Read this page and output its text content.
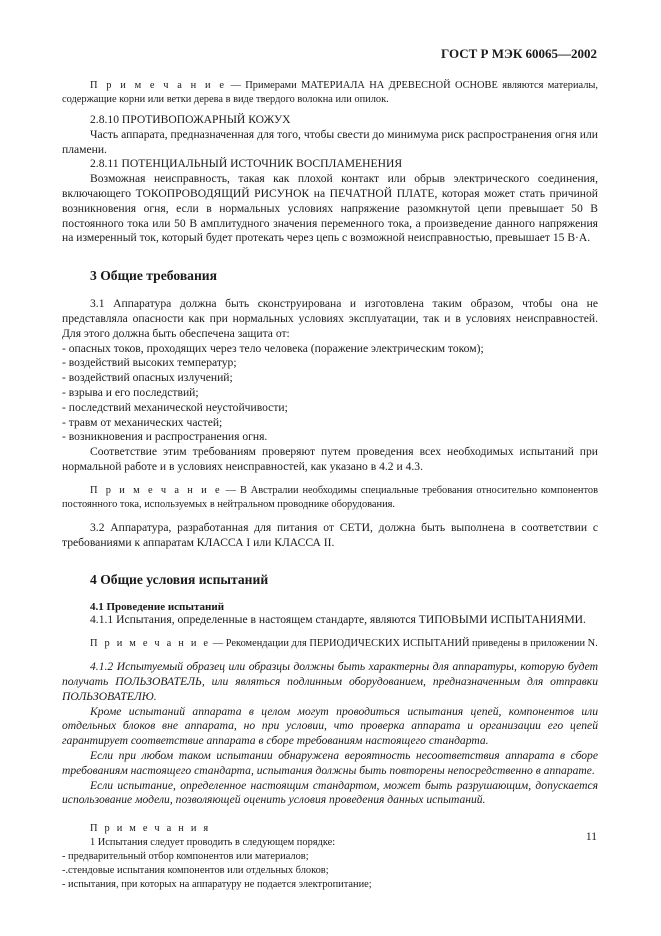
ГОСТ Р МЭК 60065—2002

П р и м е ч а н и е — Примерами МАТЕРИАЛА НА ДРЕВЕСНОЙ ОСНОВЕ являются материалы, содержащие корни или ветки дерева в виде твердого волокна или опилок.

2.8.10 ПРОТИВОПОЖАРНЫЙ КОЖУХ

Часть аппарата, предназначенная для того, чтобы свести до минимума риск распространения огня или пламени.

2.8.11 ПОТЕНЦИАЛЬНЫЙ ИСТОЧНИК ВОСПЛАМЕНЕНИЯ

Возможная неисправность, такая как плохой контакт или обрыв электрического соединения, включающего ТОКОПРОВОДЯЩИЙ РИСУНОК на ПЕЧАТНОЙ ПЛАТЕ, которая может стать причиной возникновения огня, если в нормальных условиях напряжение разомкнутой цепи превышает 50 В постоянного тока или 50 В амплитудного значения переменного тока, а произведение данного напряжения на измеренный ток, который будет протекать через цепь с возможной неисправностью, превышает 15 В·А.

3 Общие требования

3.1 Аппаратура должна быть сконструирована и изготовлена таким образом, чтобы она не представляла опасности как при нормальных условиях эксплуатации, так и в условиях неисправностей. Для этого должна быть обеспечена защита от:

- опасных токов, проходящих через тело человека (поражение электрическим током);

- воздействий высоких температур;

- воздействий опасных излучений;

- взрыва и его последствий;

- последствий механической неустойчивости;

- травм от механических частей;

- возникновения и распространения огня.

Соответствие этим требованиям проверяют путем проведения всех необходимых испытаний при нормальной работе и в условиях неисправностей, как указано в 4.2 и 4.3.

П р и м е ч а н и е — В Австралии необходимы специальные требования относительно компонентов постоянного тока, используемых в нейтральном проводнике оборудования.

3.2 Аппаратура, разработанная для питания от СЕТИ, должна быть выполнена в соответствии с требованиями к аппаратам КЛАССА I или КЛАССА II.

4 Общие условия испытаний
4.1 Проведение испытаний

4.1.1 Испытания, определенные в настоящем стандарте, являются ТИПОВЫМИ ИСПЫТАНИЯМИ.

П р и м е ч а н и е — Рекомендации для ПЕРИОДИЧЕСКИХ ИСПЫТАНИЙ приведены в приложении N.

4.1.2 Испытуемый образец или образцы должны быть характерны для аппаратуры, которую будет получать ПОЛЬЗОВАТЕЛЬ, или являться подлинным оборудованием, предназначенным для отправки ПОЛЬЗОВАТЕЛЮ.

Кроме испытаний аппарата в целом могут проводиться испытания цепей, компонентов или отдельных блоков вне аппарата, но при условии, что проверка аппарата и организации его цепей гарантирует соответствие аппарата в сборе требованиям настоящего стандарта.

Если при любом таком испытании обнаружена вероятность несоответствия аппарата в сборе требованиям настоящего стандарта, испытания должны быть повторены непосредственно в аппарате.

Если испытание, определенное настоящим стандартом, может быть разрушающим, допускается использование модели, позволяющей оценить условия проведения данных испытаний.

П р и м е ч а н и я

1 Испытания следует проводить в следующем порядке:

- предварительный отбор компонентов или материалов;

-.стендовые испытания компонентов или отдельных блоков;

- испытания, при которых на аппаратуру не подается электропитание;

11
